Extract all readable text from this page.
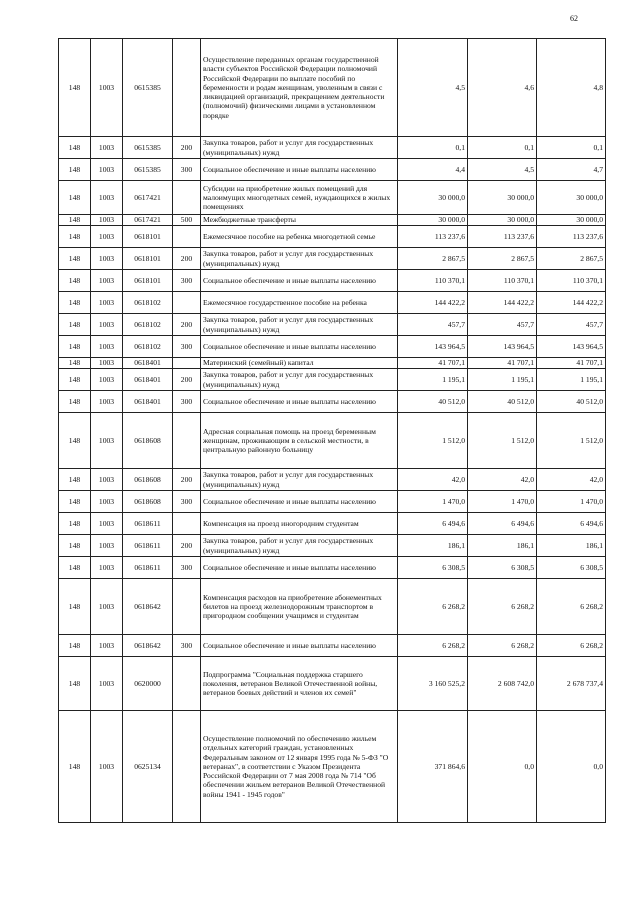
62
148	1003	0615385		Осуществление переданных органам государственной власти субъектов Российской Федерации полномочий Российской Федерации по выплате пособий по беременности и родам женщинам, уволенным в связи с ликвидацией организаций, прекращением деятельности (полномочий) физическими лицами в установленном порядке	4,5	4,6	4,8
148	1003	0615385	200	Закупка товаров, работ и услуг для государственных (муниципальных) нужд	0,1	0,1	0,1
148	1003	0615385	300	Социальное обеспечение и иные выплаты населению	4,4	4,5	4,7
148	1003	0617421		Субсидии на приобретение жилых помещений для малоимущих многодетных семей, нуждающихся в жилых помещениях	30 000,0	30 000,0	30 000,0
148	1003	0617421	500	Межбюджетные трансферты	30 000,0	30 000,0	30 000,0
148	1003	0618101		Ежемесячное пособие на ребенка многодетной семье	113 237,6	113 237,6	113 237,6
148	1003	0618101	200	Закупка товаров, работ и услуг для государственных (муниципальных) нужд	2 867,5	2 867,5	2 867,5
148	1003	0618101	300	Социальное обеспечение и иные выплаты населению	110 370,1	110 370,1	110 370,1
148	1003	0618102		Ежемесячное государственное пособие на ребенка	144 422,2	144 422,2	144 422,2
148	1003	0618102	200	Закупка товаров, работ и услуг для государственных (муниципальных) нужд	457,7	457,7	457,7
148	1003	0618102	300	Социальное обеспечение и иные выплаты населению	143 964,5	143 964,5	143 964,5
148	1003	0618401		Материнский (семейный) капитал	41 707,1	41 707,1	41 707,1
148	1003	0618401	200	Закупка товаров, работ и услуг для государственных (муниципальных) нужд	1 195,1	1 195,1	1 195,1
148	1003	0618401	300	Социальное обеспечение и иные выплаты населению	40 512,0	40 512,0	40 512,0
148	1003	0618608		Адресная социальная помощь на проезд беременным женщинам, проживающим в сельской местности, в центральную районную больницу	1 512,0	1 512,0	1 512,0
148	1003	0618608	200	Закупка товаров, работ и услуг для государственных (муниципальных) нужд	42,0	42,0	42,0
148	1003	0618608	300	Социальное обеспечение и иные выплаты населению	1 470,0	1 470,0	1 470,0
148	1003	0618611		Компенсация на проезд иногородним студентам	6 494,6	6 494,6	6 494,6
148	1003	0618611	200	Закупка товаров, работ и услуг для государственных (муниципальных) нужд	186,1	186,1	186,1
148	1003	0618611	300	Социальное обеспечение и иные выплаты населению	6 308,5	6 308,5	6 308,5
148	1003	0618642		Компенсация расходов на приобретение абонементных билетов на проезд железнодорожным транспортом в пригородном сообщении учащимся и студентам	6 268,2	6 268,2	6 268,2
148	1003	0618642	300	Социальное обеспечение и иные выплаты населению	6 268,2	6 268,2	6 268,2
148	1003	0620000		Подпрограмма "Социальная поддержка старшего поколения, ветеранов Великой Отечественной войны, ветеранов боевых действий и членов их семей"	3 160 525,2	2 608 742,0	2 678 737,4
148	1003	0625134		Осуществление полномочий по обеспечению жильем отдельных категорий граждан, установленных Федеральным законом от 12 января 1995 года № 5-ФЗ "О ветеранах", в соответствии с Указом Президента Российской Федерации от 7 мая 2008 года № 714 "Об обеспечении жильем ветеранов Великой Отечественной войны 1941 - 1945 годов"	371 864,6	0,0	0,0
